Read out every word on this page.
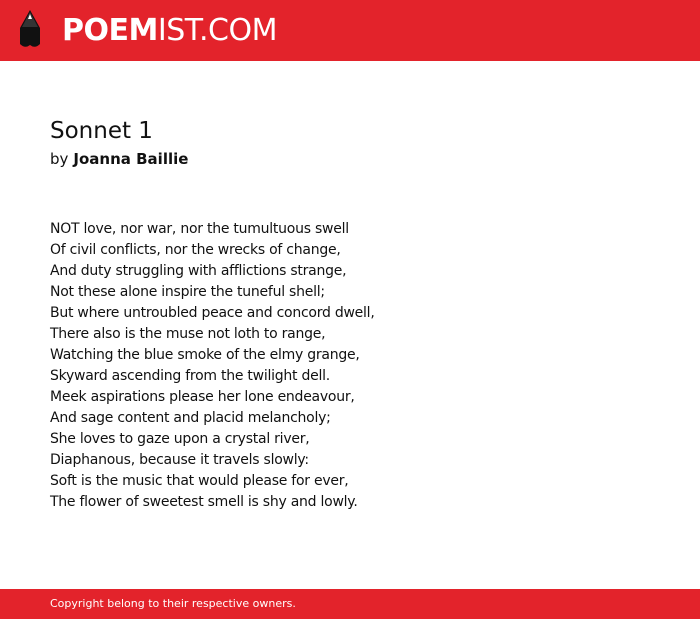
POEMIST.COM
Sonnet 1
by Joanna Baillie
NOT love, nor war, nor the tumultuous swell
Of civil conflicts, nor the wrecks of change,
And duty struggling with afflictions strange,
Not these alone inspire the tuneful shell;
But where untroubled peace and concord dwell,
There also is the muse not loth to range,
Watching the blue smoke of the elmy grange,
Skyward ascending from the twilight dell.
Meek aspirations please her lone endeavour,
And sage content and placid melancholy;
She loves to gaze upon a crystal river,
Diaphanous, because it travels slowly:
Soft is the music that would please for ever,
The flower of sweetest smell is shy and lowly.
Copyright belong to their respective owners.
